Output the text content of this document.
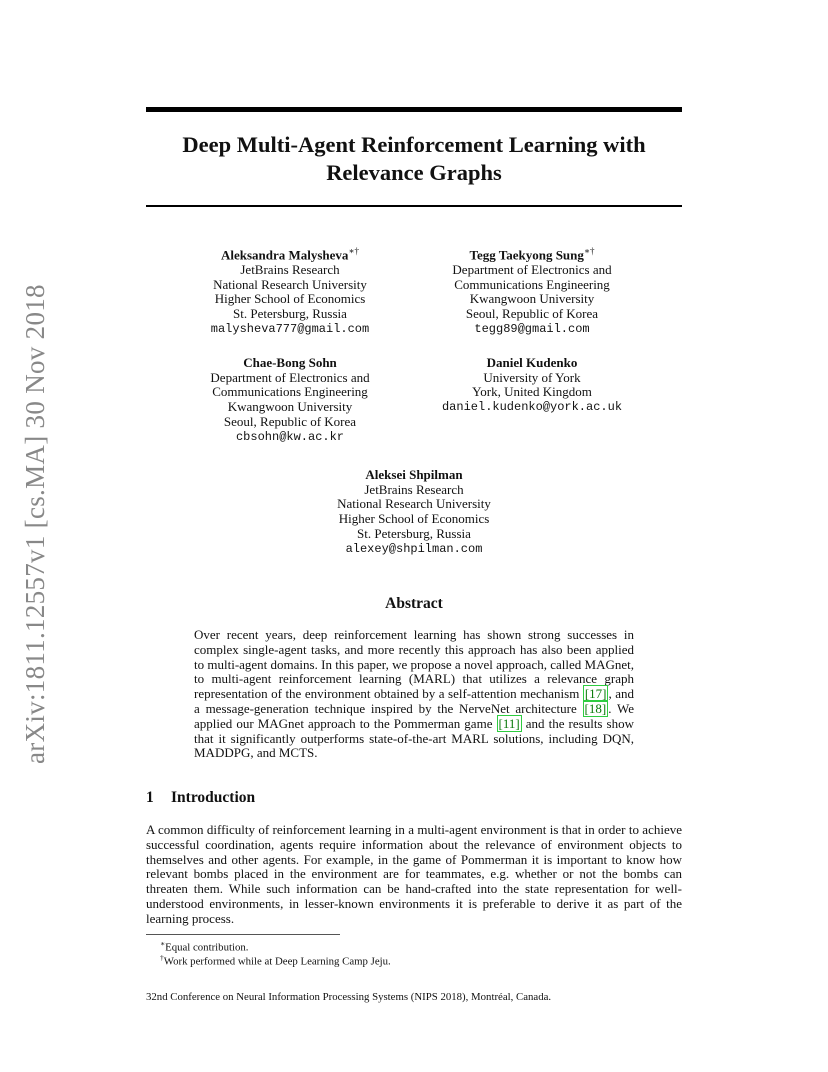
arXiv:1811.12557v1 [cs.MA] 30 Nov 2018
Deep Multi-Agent Reinforcement Learning with
Relevance Graphs
Aleksandra Malysheva∗†
JetBrains Research
National Research University
Higher School of Economics
St. Petersburg, Russia
malysheva777@gmail.com
Tegg Taekyong Sung∗†
Department of Electronics and
Communications Engineering
Kwangwoon University
Seoul, Republic of Korea
tegg89@gmail.com
Chae-Bong Sohn
Department of Electronics and
Communications Engineering
Kwangwoon University
Seoul, Republic of Korea
cbsohn@kw.ac.kr
Daniel Kudenko
University of York
York, United Kingdom
daniel.kudenko@york.ac.uk
Aleksei Shpilman
JetBrains Research
National Research University
Higher School of Economics
St. Petersburg, Russia
alexey@shpilman.com
Abstract
Over recent years, deep reinforcement learning has shown strong successes in complex single-agent tasks, and more recently this approach has also been applied to multi-agent domains. In this paper, we propose a novel approach, called MAGnet, to multi-agent reinforcement learning (MARL) that utilizes a relevance graph representation of the environment obtained by a self-attention mechanism [17] , and a message-generation technique inspired by the NerveNet architecture [18] . We applied our MAGnet approach to the Pommerman game [11] and the results show that it significantly outperforms state-of-the-art MARL solutions, including DQN, MADDPG, and MCTS.
1 Introduction
A common difficulty of reinforcement learning in a multi-agent environment is that in order to achieve successful coordination, agents require information about the relevance of environment objects to themselves and other agents. For example, in the game of Pommerman it is important to know how relevant bombs placed in the environment are for teammates, e.g. whether or not the bombs can threaten them. While such information can be hand-crafted into the state representation for well-understood environments, in lesser-known environments it is preferable to derive it as part of the learning process.
∗Equal contribution.
†Work performed while at Deep Learning Camp Jeju.
32nd Conference on Neural Information Processing Systems (NIPS 2018), Montréal, Canada.
